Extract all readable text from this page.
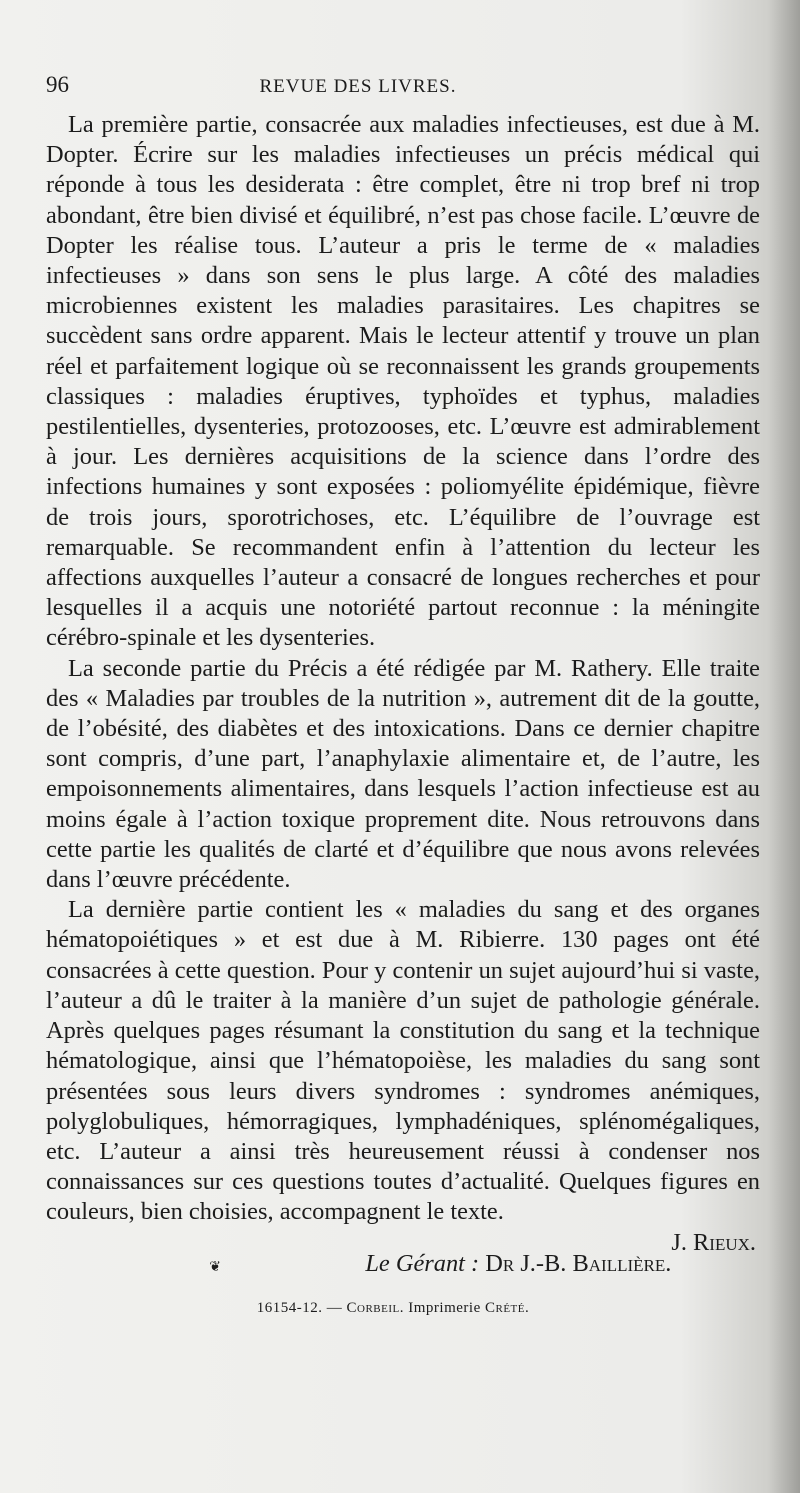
96	REVUE DES LIVRES.

La première partie, consacrée aux maladies infectieuses, est due à M. Dopter. Écrire sur les maladies infectieuses un précis médical qui réponde à tous les desiderata : être complet, être ni trop bref ni trop abondant, être bien divisé et équilibré, n’est pas chose facile. L’œuvre de Dopter les réalise tous. L’auteur a pris le terme de « maladies infectieuses » dans son sens le plus large. A côté des maladies microbiennes existent les maladies parasitaires. Les chapitres se succèdent sans ordre apparent. Mais le lecteur attentif y trouve un plan réel et parfaitement logique où se reconnaissent les grands groupements classiques : maladies éruptives, typhoïdes et typhus, maladies pestilentielles, dysenteries, protozooses, etc. L’œuvre est admirablement à jour. Les dernières acquisitions de la science dans l’ordre des infections humaines y sont exposées : poliomyélite épidémique, fièvre de trois jours, sporotrichoses, etc. L’équilibre de l’ouvrage est remarquable. Se recommandent enfin à l’attention du lecteur les affections auxquelles l’auteur a consacré de longues recherches et pour lesquelles il a acquis une notoriété partout reconnue : la méningite cérébro-spinale et les dysenteries.

La seconde partie du Précis a été rédigée par M. Rathery. Elle traite des « Maladies par troubles de la nutrition », autrement dit de la goutte, de l’obésité, des diabètes et des intoxications. Dans ce dernier chapitre sont compris, d’une part, l’anaphylaxie alimentaire et, de l’autre, les empoisonnements alimentaires, dans lesquels l’action infectieuse est au moins égale à l’action toxique proprement dite. Nous retrouvons dans cette partie les qualités de clarté et d’équilibre que nous avons relevées dans l’œuvre précédente.

La dernière partie contient les « maladies du sang et des organes hématopoiétiques » et est due à M. Ribierre. 130 pages ont été consacrées à cette question. Pour y contenir un sujet aujourd’hui si vaste, l’auteur a dû le traiter à la manière d’un sujet de pathologie générale. Après quelques pages résumant la constitution du sang et la technique hématologique, ainsi que l’hématopoièse, les maladies du sang sont présentées sous leurs divers syndromes : syndromes anémiques, polyglobuliques, hémorragiques, lymphadéniques, splénomégaliques, etc. L’auteur a ainsi très heureusement réussi à condenser nos connaissances sur ces questions toutes d’actualité. Quelques figures en couleurs, bien choisies, accompagnent le texte.

J. Rieux.
❦	Le Gérant : Dr J.-B. Baillière.
16154-12. — Corbeil. Imprimerie Crété.
